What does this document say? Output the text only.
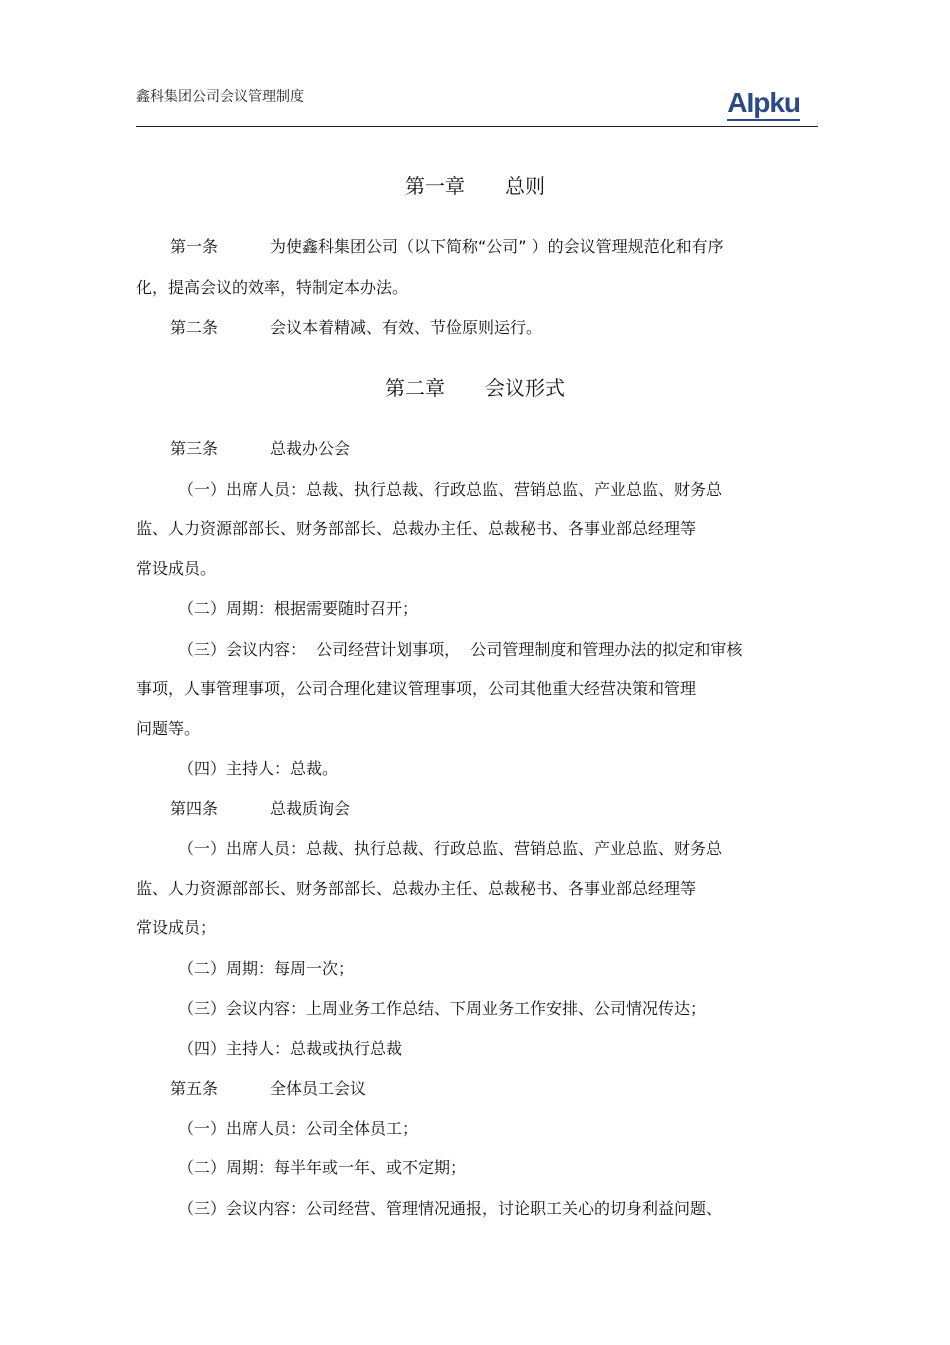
鑫科集团公司会议管理制度	AIpku
第一章　　总则
第一条	为使鑫科集团公司（以下简称“公司” ）的会议管理规范化和有序
化，提高会议的效率，特制定本办法。
第二条	会议本着精减、有效、节俭原则运行。
第二章　　会议形式
第三条	总裁办公会
（一）出席人员：总裁、执行总裁、行政总监、营销总监、产业总监、财务总
监、人力资源部部长、财务部部长、总裁办主任、总裁秘书、各事业部总经理等
常设成员。
（二）周期：根据需要随时召开；
（三）会议内容：  公司经营计划事项，  公司管理制度和管理办法的拟定和审核
事项，人事管理事项，公司合理化建议管理事项，公司其他重大经营决策和管理
问题等。
（四）主持人：总裁。
第四条	总裁质询会
（一）出席人员：总裁、执行总裁、行政总监、营销总监、产业总监、财务总
监、人力资源部部长、财务部部长、总裁办主任、总裁秘书、各事业部总经理等
常设成员；
（二）周期：每周一次；
（三）会议内容：上周业务工作总结、下周业务工作安排、公司情况传达；
（四）主持人：总裁或执行总裁
第五条	全体员工会议
（一）出席人员：公司全体员工；
（二）周期：每半年或一年、或不定期；
（三）会议内容：公司经营、管理情况通报，讨论职工关心的切身利益问题、
